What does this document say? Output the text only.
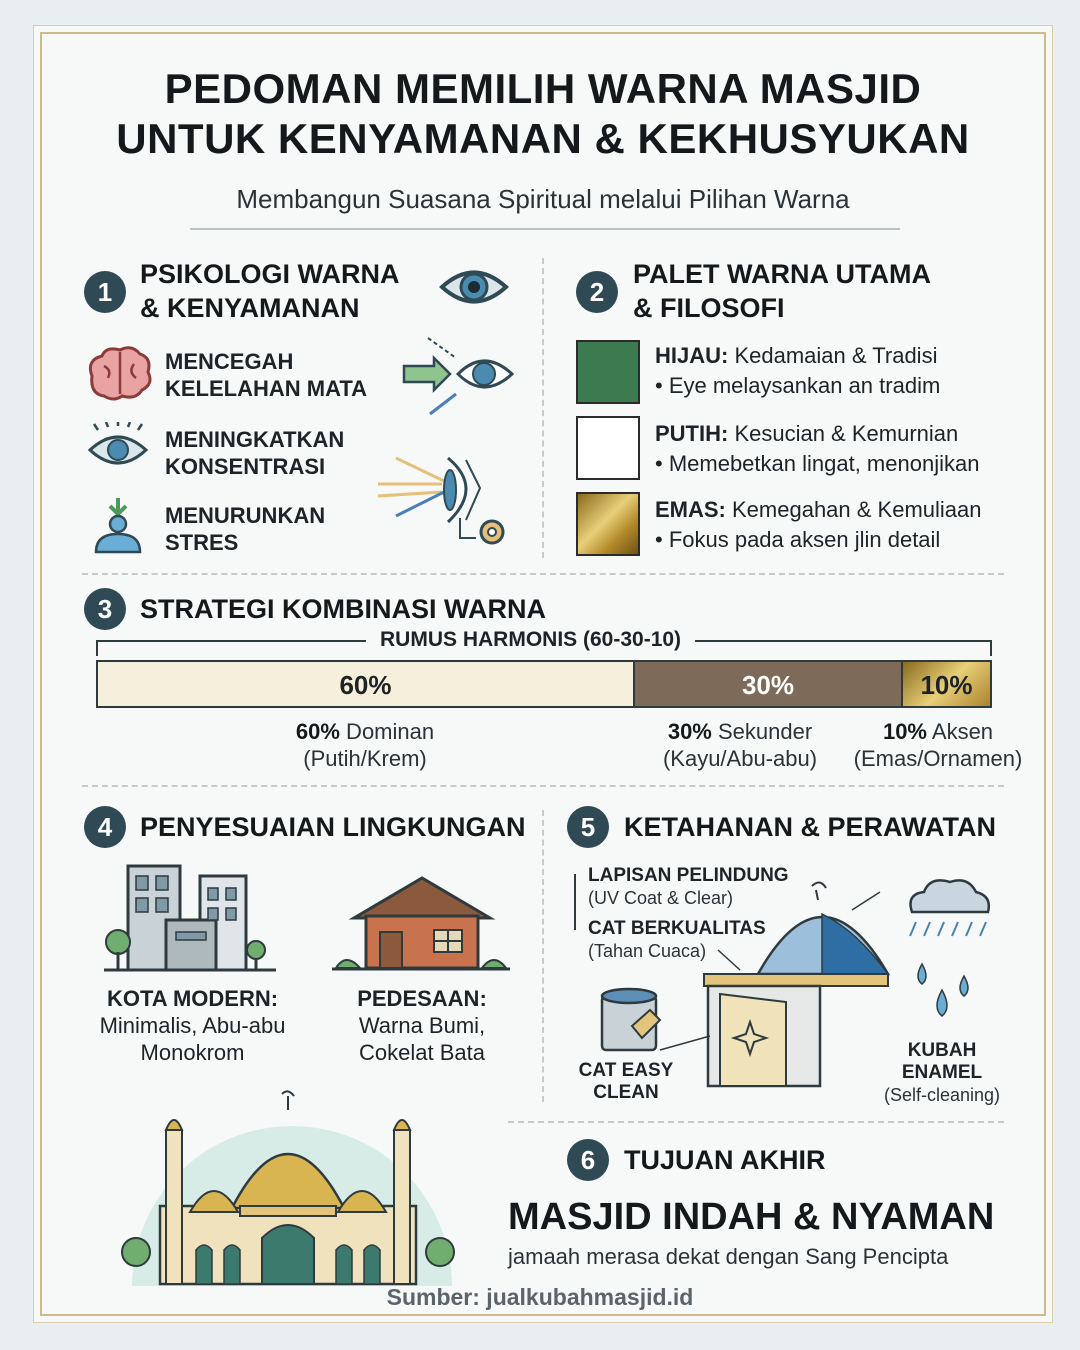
PEDOMAN MEMILIH WARNA MASJID
UNTUK KENYAMANAN & KEKHUSYUKAN
Membangun Suasana Spiritual melalui Pilihan Warna
1
PSIKOLOGI WARNA
& KENYAMANAN
MENCEGAH
KELELAHAN MATA
MENINGKATKAN
KONSENTRASI
MENURUNKAN
STRES
2
PALET WARNA UTAMA
& FILOSOFI
HIJAU: Kedamaian & Tradisi
• Eye melaysankan an tradim
PUTIH: Kesucian & Kemurnian
• Memebetkan lingat, menonjikan
EMAS: Kemegahan & Kemuliaan
• Fokus pada aksen jlin detail
3	STRATEGI KOMBINASI WARNA
RUMUS HARMONIS (60-30-10)
60%	30%	10%
60% Dominan
(Putih/Krem)
30% Sekunder
(Kayu/Abu-abu)
10% Aksen
(Emas/Ornamen)
4	PENYESUAIAN LINGKUNGAN
KOTA MODERN:
Minimalis, Abu-abu
Monokrom
PEDESAAN:
Warna Bumi,
Cokelat Bata
5	KETAHANAN & PERAWATAN
LAPISAN PELINDUNG
(UV Coat & Clear)
CAT BERKUALITAS
(Tahan Cuaca)
CAT EASY
CLEAN
KUBAH
ENAMEL
(Self-cleaning)
6	TUJUAN AKHIR
MASJID INDAH & NYAMAN
jamaah merasa dekat dengan Sang Pencipta
Sumber: jualkubahmasjid.id
